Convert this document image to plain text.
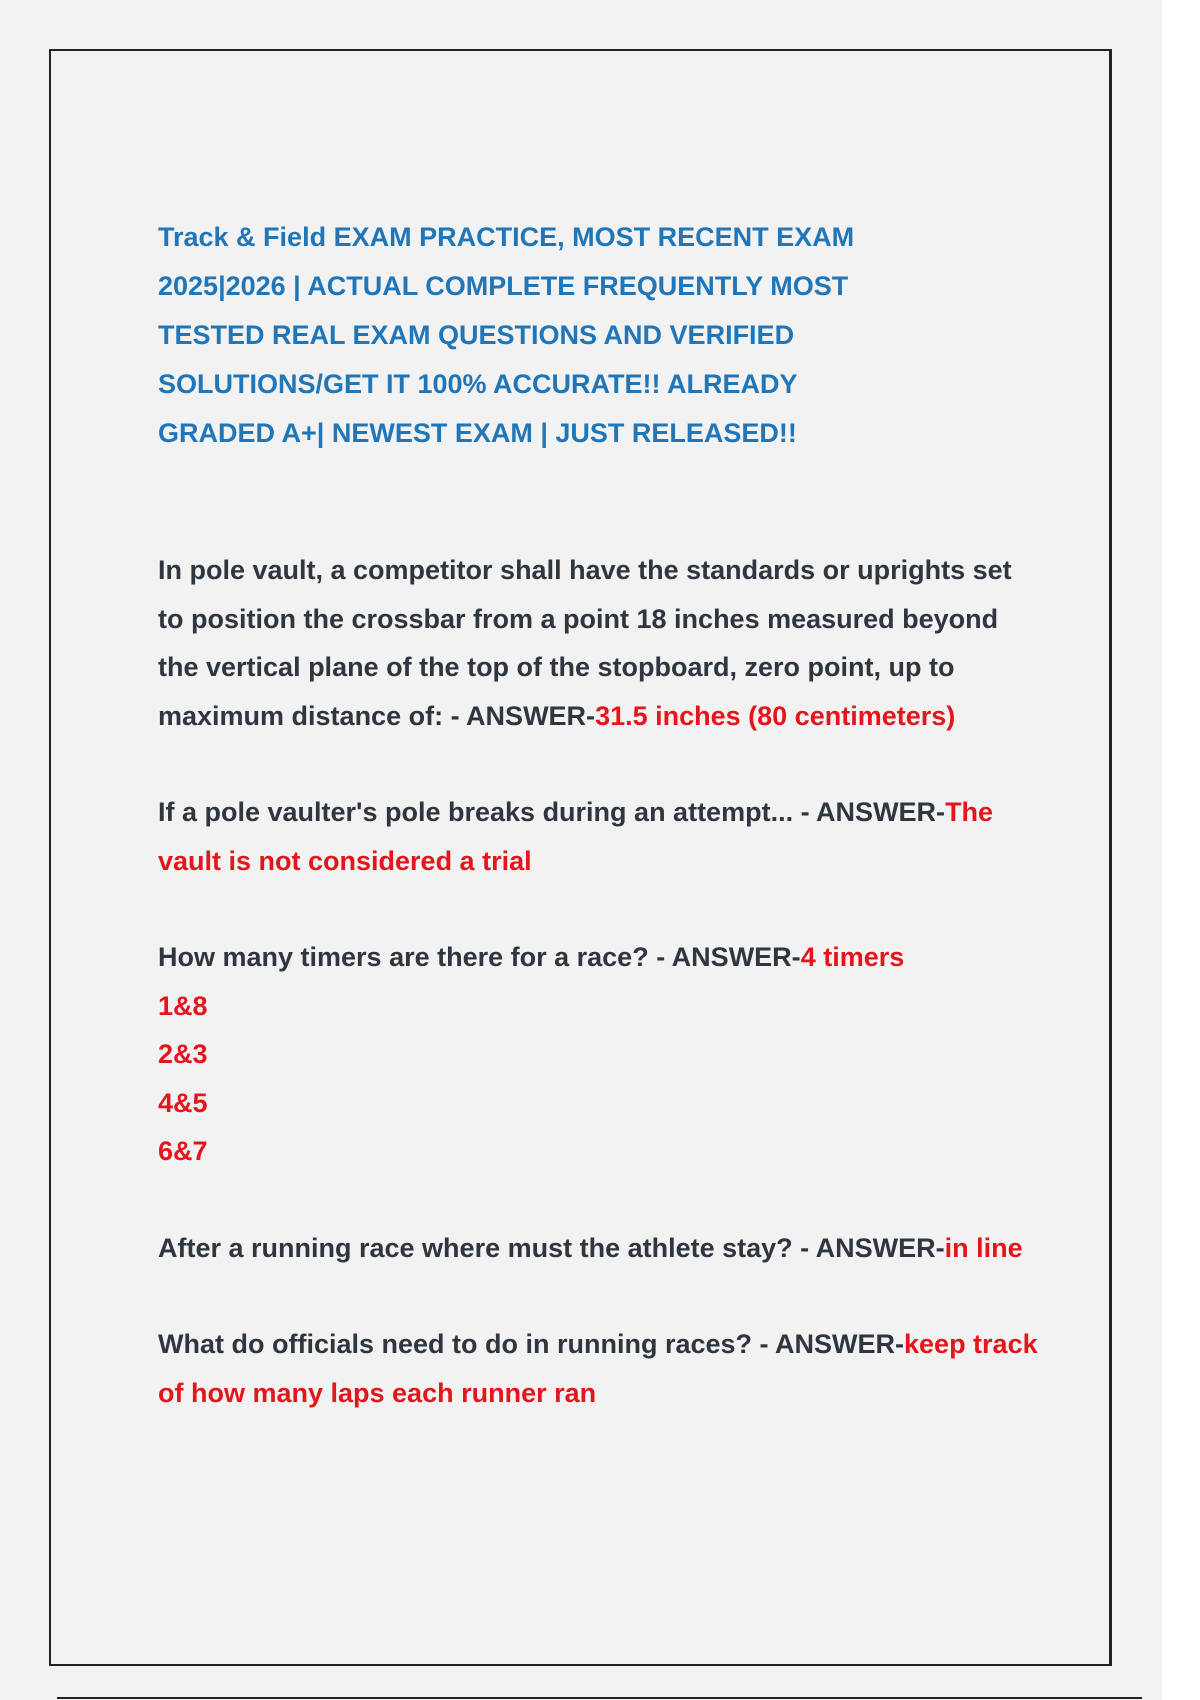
Track & Field EXAM PRACTICE, MOST RECENT EXAM 2025|2026 | ACTUAL COMPLETE FREQUENTLY MOST TESTED REAL EXAM QUESTIONS AND VERIFIED SOLUTIONS/GET IT 100% ACCURATE!! ALREADY GRADED A+| NEWEST EXAM | JUST RELEASED!!

In pole vault, a competitor shall have the standards or uprights set to position the crossbar from a point 18 inches measured beyond the vertical plane of the top of the stopboard, zero point, up to maximum distance of: - ANSWER-31.5 inches (80 centimeters)

If a pole vaulter's pole breaks during an attempt... - ANSWER-The vault is not considered a trial

How many timers are there for a race? - ANSWER-4 timers
1&8
2&3
4&5
6&7

After a running race where must the athlete stay? - ANSWER-in line

What do officials need to do in running races? - ANSWER-keep track of how many laps each runner ran
